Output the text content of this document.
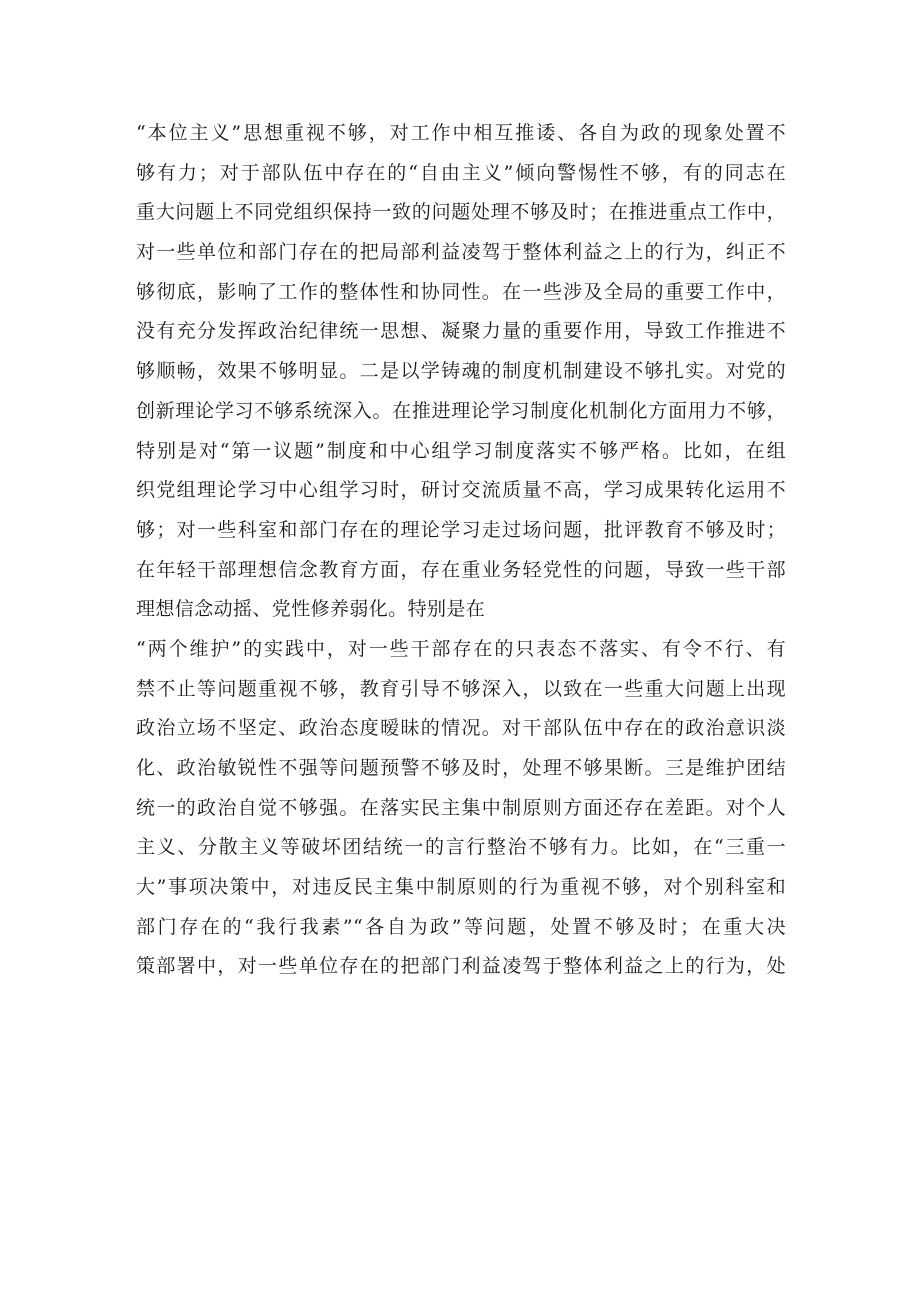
“本位主义”思想重视不够，对工作中相互推诿、各自为政的现象处置不
够有力；对于部队伍中存在的“自由主义”倾向警惕性不够，有的同志在
重大问题上不同党组织保持一致的问题处理不够及时；在推进重点工作中，
对一些单位和部门存在的把局部利益凌驾于整体利益之上的行为，纠正不
够彻底，影响了工作的整体性和协同性。在一些涉及全局的重要工作中，
没有充分发挥政治纪律统一思想、凝聚力量的重要作用，导致工作推进不
够顺畅，效果不够明显。二是以学铸魂的制度机制建设不够扎实。对党的
创新理论学习不够系统深入。在推进理论学习制度化机制化方面用力不够，
特别是对“第一议题”制度和中心组学习制度落实不够严格。比如，在组
织党组理论学习中心组学习时，研讨交流质量不高，学习成果转化运用不
够；对一些科室和部门存在的理论学习走过场问题，批评教育不够及时；
在年轻干部理想信念教育方面，存在重业务轻党性的问题，导致一些干部
理想信念动摇、党性修养弱化。特别是在
“两个维护”的实践中，对一些干部存在的只表态不落实、有令不行、有
禁不止等问题重视不够，教育引导不够深入，以致在一些重大问题上出现
政治立场不坚定、政治态度暧昧的情况。对干部队伍中存在的政治意识淡
化、政治敏锐性不强等问题预警不够及时，处理不够果断。三是维护团结
统一的政治自觉不够强。在落实民主集中制原则方面还存在差距。对个人
主义、分散主义等破坏团结统一的言行整治不够有力。比如，在“三重一
大”事项决策中，对违反民主集中制原则的行为重视不够，对个别科室和
部门存在的“我行我素”“各自为政”等问题，处置不够及时；在重大决
策部署中，对一些单位存在的把部门利益凌驾于整体利益之上的行为，处
